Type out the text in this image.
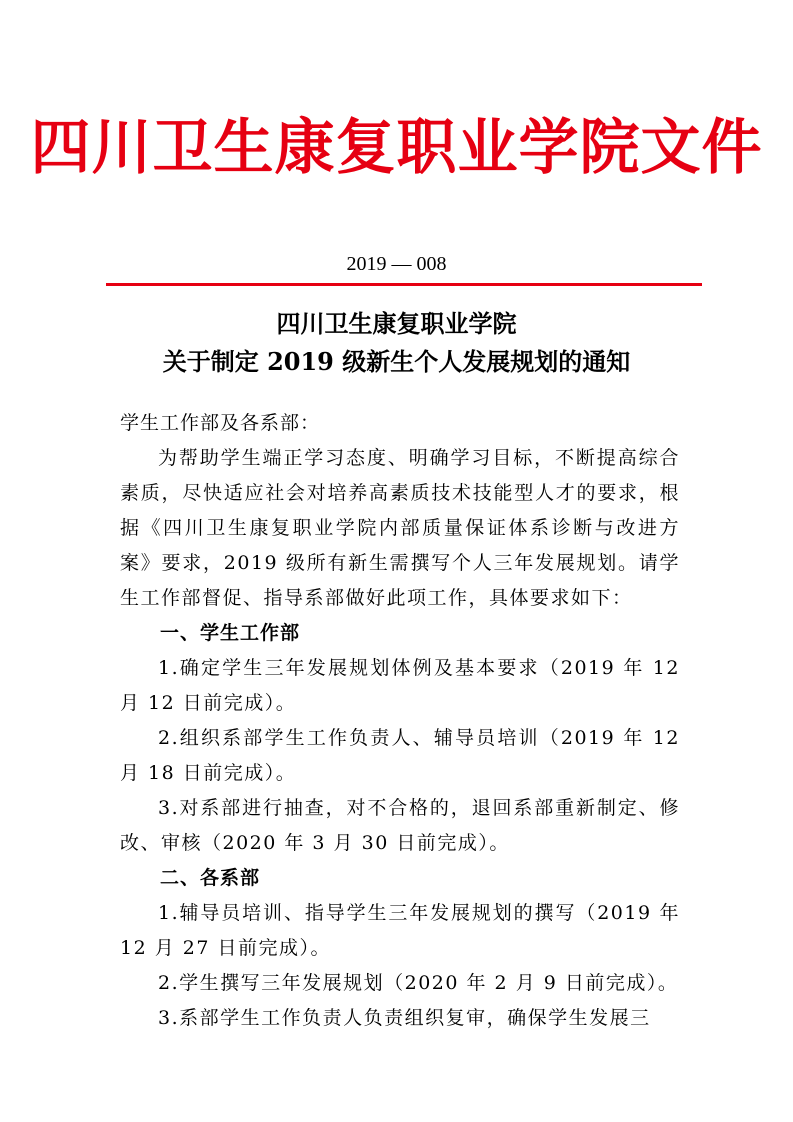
四川卫生康复职业学院文件
2019 — 008
四川卫生康复职业学院
关于制定 2019 级新生个人发展规划的通知

学生工作部及各系部：

为帮助学生端正学习态度、明确学习目标，不断提高综合素质，尽快适应社会对培养高素质技术技能型人才的要求，根据《四川卫生康复职业学院内部质量保证体系诊断与改进方案》要求，2019 级所有新生需撰写个人三年发展规划。请学生工作部督促、指导系部做好此项工作，具体要求如下：

一、学生工作部

1.确定学生三年发展规划体例及基本要求（2019 年 12 月 12 日前完成）。

2.组织系部学生工作负责人、辅导员培训（2019 年 12 月 18 日前完成）。

3.对系部进行抽查，对不合格的，退回系部重新制定、修改、审核（2020 年 3 月 30 日前完成）。

二、各系部

1.辅导员培训、指导学生三年发展规划的撰写（2019 年 12 月 27 日前完成）。

2.学生撰写三年发展规划（2020 年 2 月 9 日前完成）。

3.系部学生工作负责人负责组织复审，确保学生发展三
